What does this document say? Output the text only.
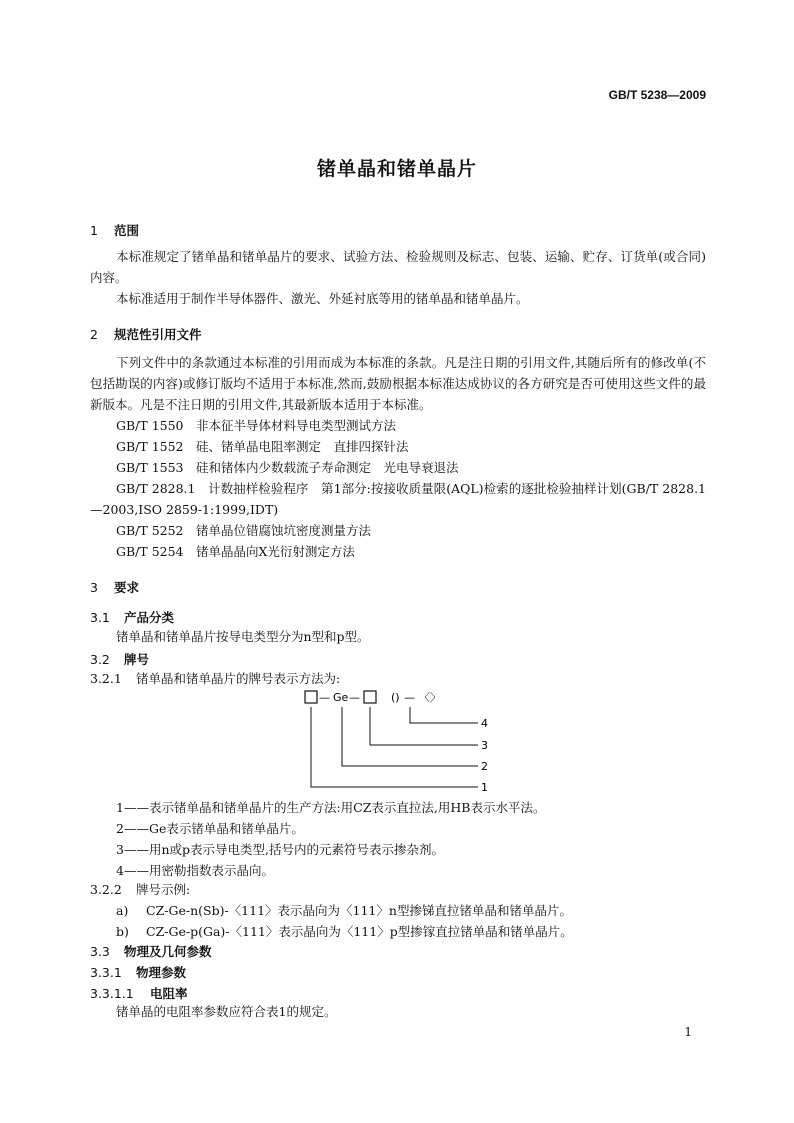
GB/T 5238—2009
锗单晶和锗单晶片
1 范围
本标准规定了锗单晶和锗单晶片的要求、试验方法、检验规则及标志、包装、运输、贮存、订货单(或合同)内容。
本标准适用于制作半导体器件、激光、外延衬底等用的锗单晶和锗单晶片。
2 规范性引用文件
下列文件中的条款通过本标准的引用而成为本标准的条款。凡是注日期的引用文件,其随后所有的修改单(不包括勘误的内容)或修订版均不适用于本标准,然而,鼓励根据本标准达成协议的各方研究是否可使用这些文件的最新版本。凡是不注日期的引用文件,其最新版本适用于本标准。
GB/T 1550　非本征半导体材料导电类型测试方法
GB/T 1552　硅、锗单晶电阻率测定　直排四探针法
GB/T 1553　硅和锗体内少数载流子寿命测定　光电导衰退法
GB/T 2828.1　计数抽样检验程序　第1部分:按接收质量限(AQL)检索的逐批检验抽样计划(GB/T 2828.1—2003,ISO 2859-1:1999,IDT)
GB/T 5252　锗单晶位错腐蚀坑密度测量方法
GB/T 5254　锗单晶晶向X光衍射测定方法
3 要求
3.1 产品分类
锗单晶和锗单晶片按导电类型分为n型和p型。
3.2 牌号
3.2.1 锗单晶和锗单晶片的牌号表示方法为:
— Ge —	() — 〈〉
4
3
2
1
1——表示锗单晶和锗单晶片的生产方法:用CZ表示直拉法,用HB表示水平法。
2——Ge表示锗单晶和锗单晶片。
3——用n或p表示导电类型,括号内的元素符号表示掺杂剂。
4——用密勒指数表示晶向。
3.2.2 牌号示例:
a) CZ-Ge-n(Sb)-〈111〉表示晶向为〈111〉n型掺锑直拉锗单晶和锗单晶片。
b) CZ-Ge-p(Ga)-〈111〉表示晶向为〈111〉p型掺镓直拉锗单晶和锗单晶片。
3.3 物理及几何参数
3.3.1 物理参数
3.3.1.1 电阻率
锗单晶的电阻率参数应符合表1的规定。
1
